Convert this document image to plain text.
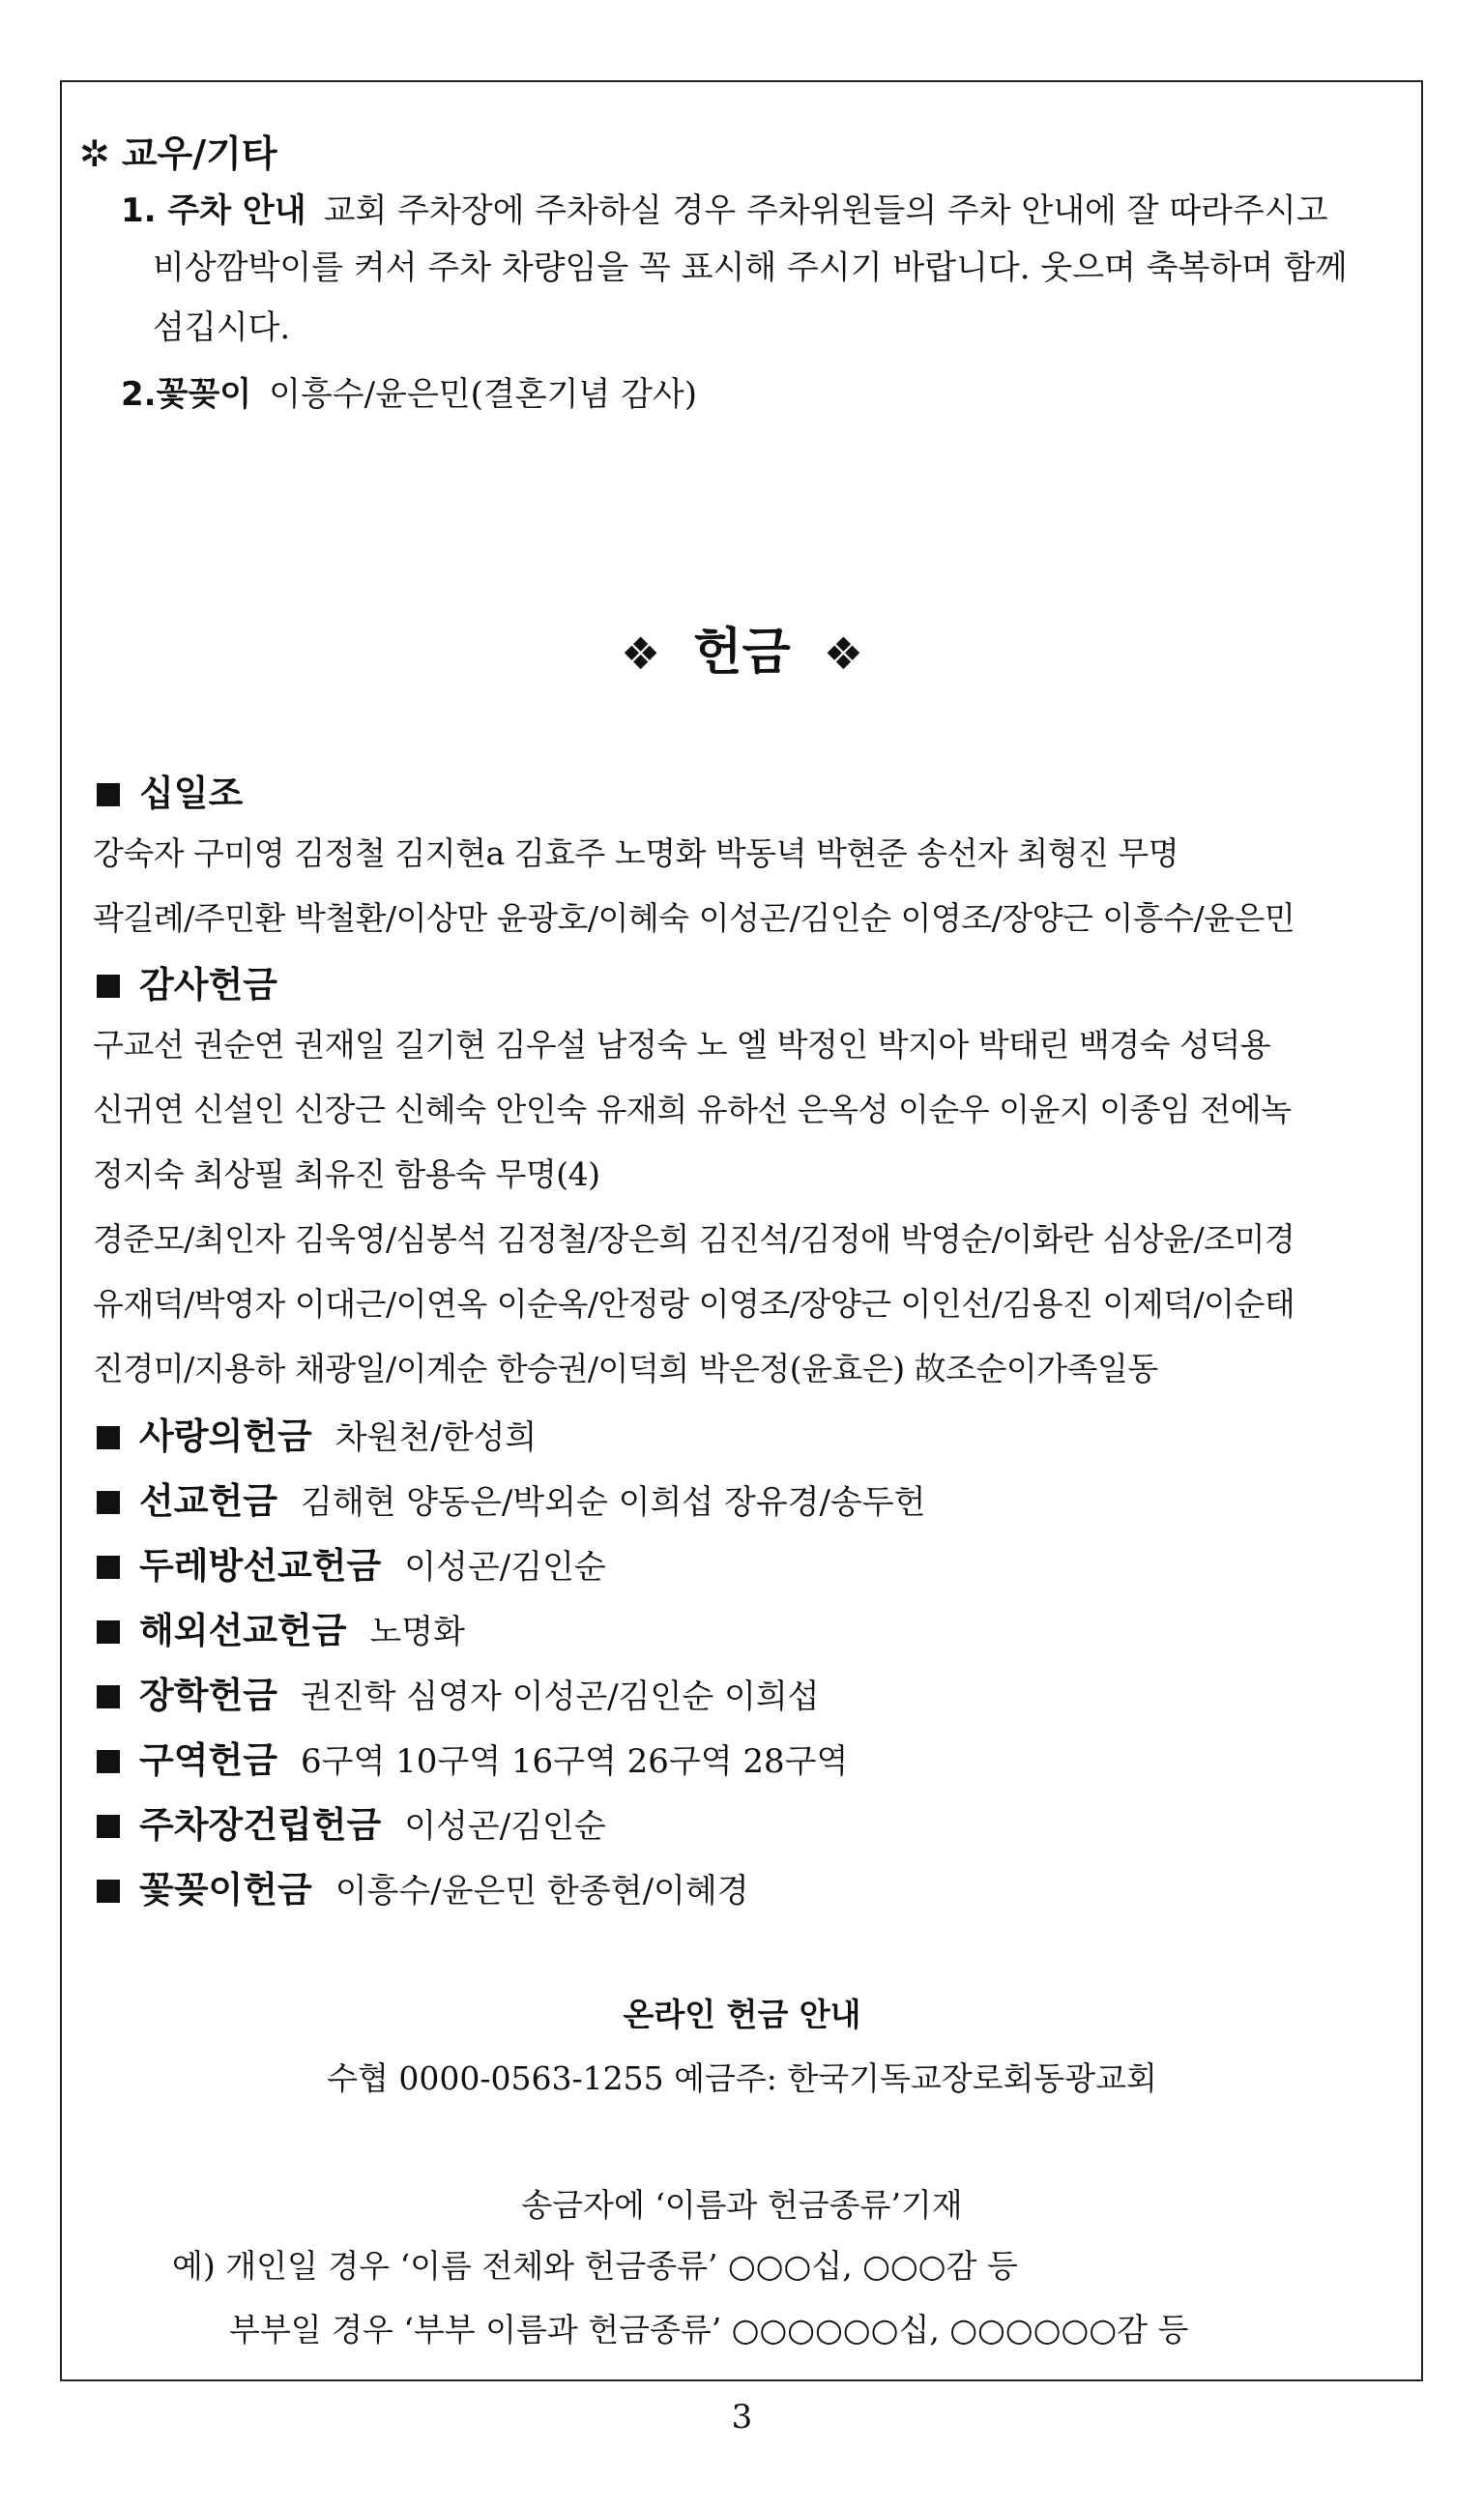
✲ 교우/기타
1. 주차 안내 교회 주차장에 주차하실 경우 주차위원들의 주차 안내에 잘 따라주시고
비상깜박이를 켜서 주차 차량임을 꼭 표시해 주시기 바랍니다. 웃으며 축복하며 함께
섬깁시다.
2.꽃꽂이 이흥수/윤은민(결혼기념 감사)
❖ 헌금 ❖
십일조
강숙자 구미영 김정철 김지현a 김효주 노명화 박동녁 박현준 송선자 최형진 무명
곽길례/주민환 박철환/이상만 윤광호/이혜숙 이성곤/김인순 이영조/장양근 이흥수/윤은민
감사헌금
구교선 권순연 권재일 길기현 김우설 남정숙 노 엘 박정인 박지아 박태린 백경숙 성덕용
신귀연 신설인 신장근 신혜숙 안인숙 유재희 유하선 은옥성 이순우 이윤지 이종임 전에녹
정지숙 최상필 최유진 함용숙 무명(4)
경준모/최인자 김욱영/심봉석 김정철/장은희 김진석/김정애 박영순/이화란 심상윤/조미경
유재덕/박영자 이대근/이연옥 이순옥/안정랑 이영조/장양근 이인선/김용진 이제덕/이순태
진경미/지용하 채광일/이계순 한승권/이덕희 박은정(윤효은) 故조순이가족일동
사랑의헌금 차원천/한성희
선교헌금 김해현 양동은/박외순 이희섭 장유경/송두헌
두레방선교헌금 이성곤/김인순
해외선교헌금 노명화
장학헌금 권진학 심영자 이성곤/김인순 이희섭
구역헌금 6구역 10구역 16구역 26구역 28구역
주차장건립헌금 이성곤/김인순
꽃꽂이헌금 이흥수/윤은민 한종현/이혜경
온라인 헌금 안내
수협 0000-0563-1255 예금주: 한국기독교장로회동광교회
송금자에 ‘이름과 헌금종류’기재
예) 개인일 경우 ‘이름 전체와 헌금종류’ ○○○십, ○○○감 등
부부일 경우 ‘부부 이름과 헌금종류’ ○○○○○○십, ○○○○○○감 등
3
